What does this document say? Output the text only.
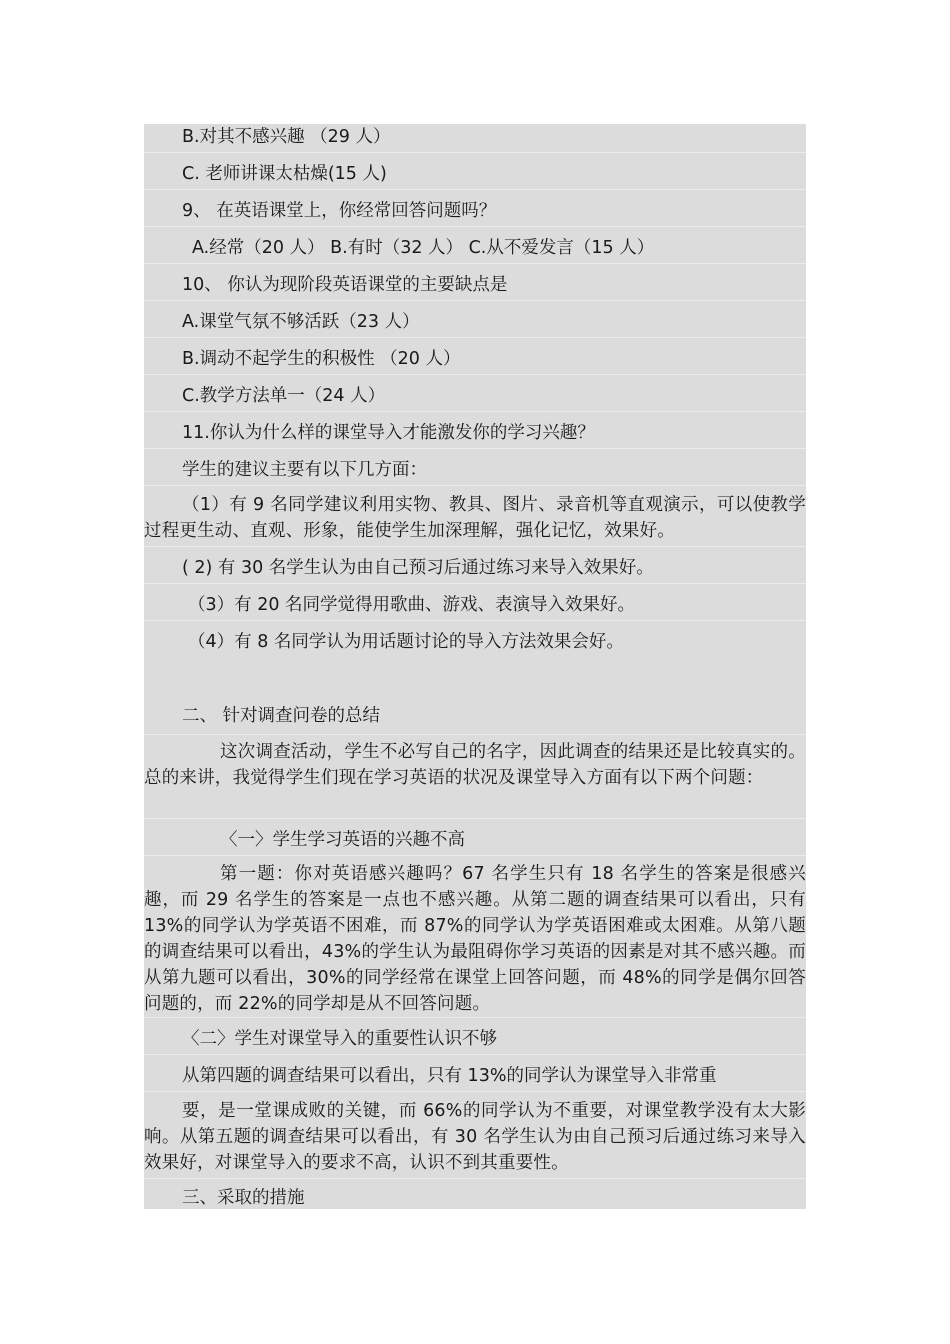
B.对其不感兴趣 （29 人）
C. 老师讲课太枯燥(15 人)
9、 在英语课堂上，你经常回答问题吗？
A.经常（20 人） B.有时（32 人） C.从不爱发言（15 人）
10、 你认为现阶段英语课堂的主要缺点是
A.课堂气氛不够活跃（23 人）
B.调动不起学生的积极性 （20 人）
C.教学方法单一（24 人）
11.你认为什么样的课堂导入才能激发你的学习兴趣？
学生的建议主要有以下几方面：
（1）有 9 名同学建议利用实物、教具、图片、录音机等直观演示，可以使教学过程更生动、直观、形象，能使学生加深理解，强化记忆，效果好。
( 2) 有 30 名学生认为由自己预习后通过练习来导入效果好。
（3）有 20 名同学觉得用歌曲、游戏、表演导入效果好。
（4）有 8 名同学认为用话题讨论的导入方法效果会好。
二、 针对调查问卷的总结
这次调查活动，学生不必写自己的名字，因此调查的结果还是比较真实的。总的来讲，我觉得学生们现在学习英语的状况及课堂导入方面有以下两个问题：
〈一〉学生学习英语的兴趣不高
第一题：你对英语感兴趣吗？67 名学生只有 18 名学生的答案是很感兴趣，而 29 名学生的答案是一点也不感兴趣。从第二题的调查结果可以看出，只有 13%的同学认为学英语不困难，而 87%的同学认为学英语困难或太困难。从第八题的调查结果可以看出，43%的学生认为最阻碍你学习英语的因素是对其不感兴趣。而从第九题可以看出，30%的同学经常在课堂上回答问题，而 48%的同学是偶尔回答问题的，而 22%的同学却是从不回答问题。
〈二〉学生对课堂导入的重要性认识不够
从第四题的调查结果可以看出，只有 13%的同学认为课堂导入非常重
要，是一堂课成败的关键，而 66%的同学认为不重要，对课堂教学没有太大影响。从第五题的调查结果可以看出，有 30 名学生认为由自己预习后通过练习来导入效果好，对课堂导入的要求不高，认识不到其重要性。
三、采取的措施
